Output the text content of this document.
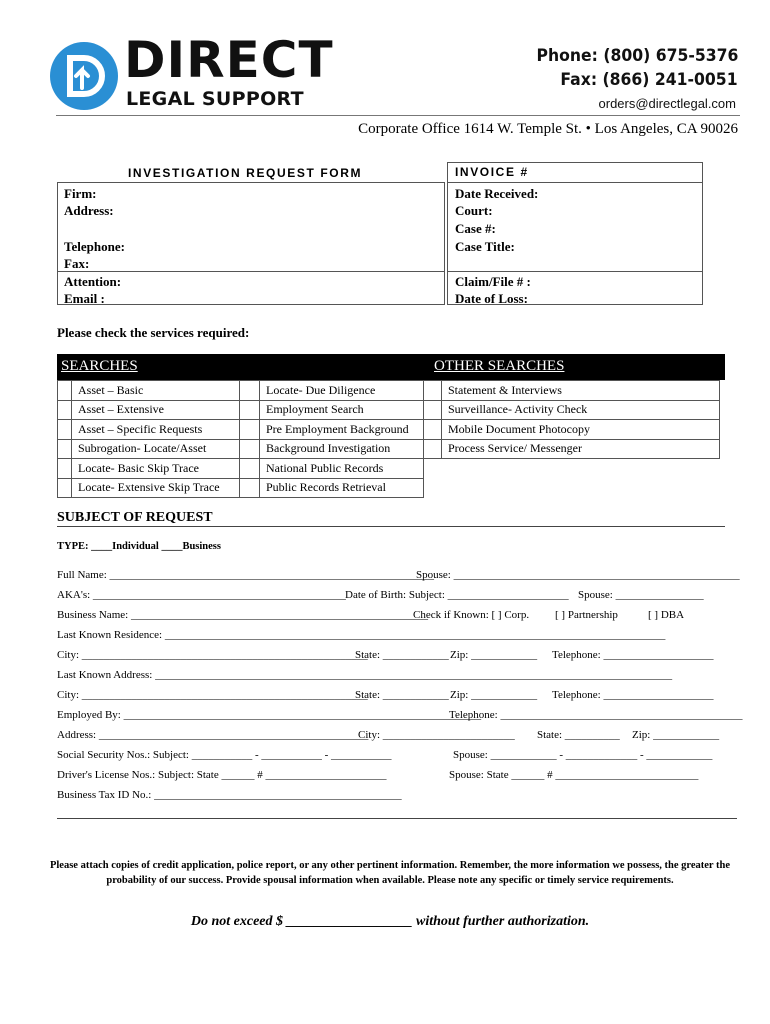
DIRECT
LEGAL SUPPORT
Phone: (800) 675-5376
Fax: (866) 241-0051
orders@directlegal.com
Corporate Office 1614 W. Temple St. • Los Angeles, CA 90026
INVESTIGATION REQUEST FORM	INVOICE #
Firm:
Address:
Telephone:
Fax:
Attention:
Email :
Date Received:
Court:
Case #:
Case Title:
Claim/File # :
Date of Loss:
Please check the services required:
SEARCHES	OTHER SEARCHES
	Asset – Basic		Locate- Due Diligence		Statement & Interviews
	Asset – Extensive		Employment Search		Surveillance- Activity Check
	Asset – Specific Requests		Pre Employment Background		Mobile Document Photocopy
	Subrogation- Locate/Asset		Background Investigation		Process Service/ Messenger
	Locate- Basic Skip Trace		National Public Records		
	Locate- Extensive Skip Trace		Public Records Retrieval		
SUBJECT OF REQUEST
TYPE: ____Individual ____Business
Full Name: ___________________________________________________________
Spouse: ____________________________________________________
AKA's: ______________________________________________ Date of Birth: Subject: ______________________ Spouse: ________________
Business Name: ______________________________________________________
Check if Known: [ ] Corp. [ ] Partnership	[ ] DBA
Last Known Residence: ___________________________________________________________________________________________
City: ____________________________________________________
State: ____________ Zip: ____________ Telephone: ____________________
Last Known Address: ______________________________________________________________________________________________
City: ____________________________________________________
State: ____________ Zip: ____________ Telephone: ____________________
Employed By: _________________________________________________________________
Telephone: ____________________________________________
Address: _________________________________________________
City: ________________________ State: __________ Zip: ____________
Social Security Nos.: Subject: ___________ - ___________ - ___________	Spouse: ____________ - _____________ - ____________
Driver's License Nos.: Subject: State ______ # ______________________	Spouse: State ______ # __________________________
Business Tax ID No.: _____________________________________________
Please attach copies of credit application, police report, or any other pertinent information. Remember, the more information we possess, the greater the probability of our success. Provide spousal information when available. Please note any specific or timely service requirements.
Do not exceed $ __________________ without further authorization.
